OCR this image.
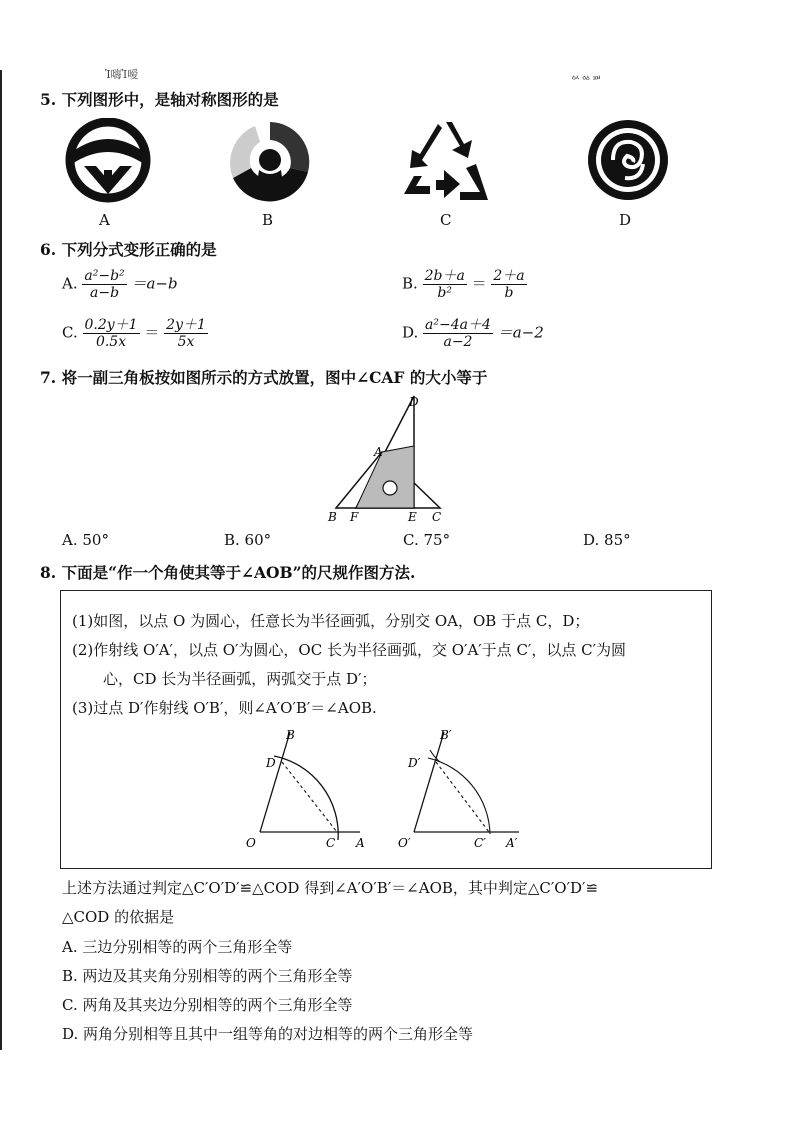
Ἱ嗨Ἱ嗳	ᇱᇲᇳ
5. 下列图形中，是轴对称图形的是
A	B	C	D
6. 下列分式变形正确的是
A. $\frac{\text{a²−b²}}{a-b} =a-b$	B. $\frac{2b+a}{\text{b²}} = \frac{2+a}{b}$
C. $\frac{0.2y+1}{0.5x} = \frac{2y+1}{5x}$	D. $\frac{\text{a²−4a＋4}}{a-2} =a-2$
7. 将一副三角板按如图所示的方式放置，图中∠CAF 的大小等于
D
A
B F	E C
A. 50°	B. 60°	C. 75°	D. 85°
8. 下面是“作一个角使其等于∠AOB”的尺规作图方法.
(1)如图，以点 O 为圆心，任意长为半径画弧，分别交 OA，OB 于点 C，D；
(2)作射线 O′A′，以点 O′为圆心，OC 长为半径画弧，交 O′A′于点 C′，以点 C′为圆
心，CD 长为半径画弧，两弧交于点 D′；
(3)过点 D′作射线 O′B′，则∠A′O′B′＝∠AOB.
B
D
O	C A
B′
D′
O′	C′ A′
上述方法通过判定△C′O′D′≌△COD 得到∠A′O′B′＝∠AOB，其中判定△C′O′D′≌
△COD 的依据是
A. 三边分别相等的两个三角形全等
B. 两边及其夹角分别相等的两个三角形全等
C. 两角及其夹边分别相等的两个三角形全等
D. 两角分别相等且其中一组等角的对边相等的两个三角形全等
